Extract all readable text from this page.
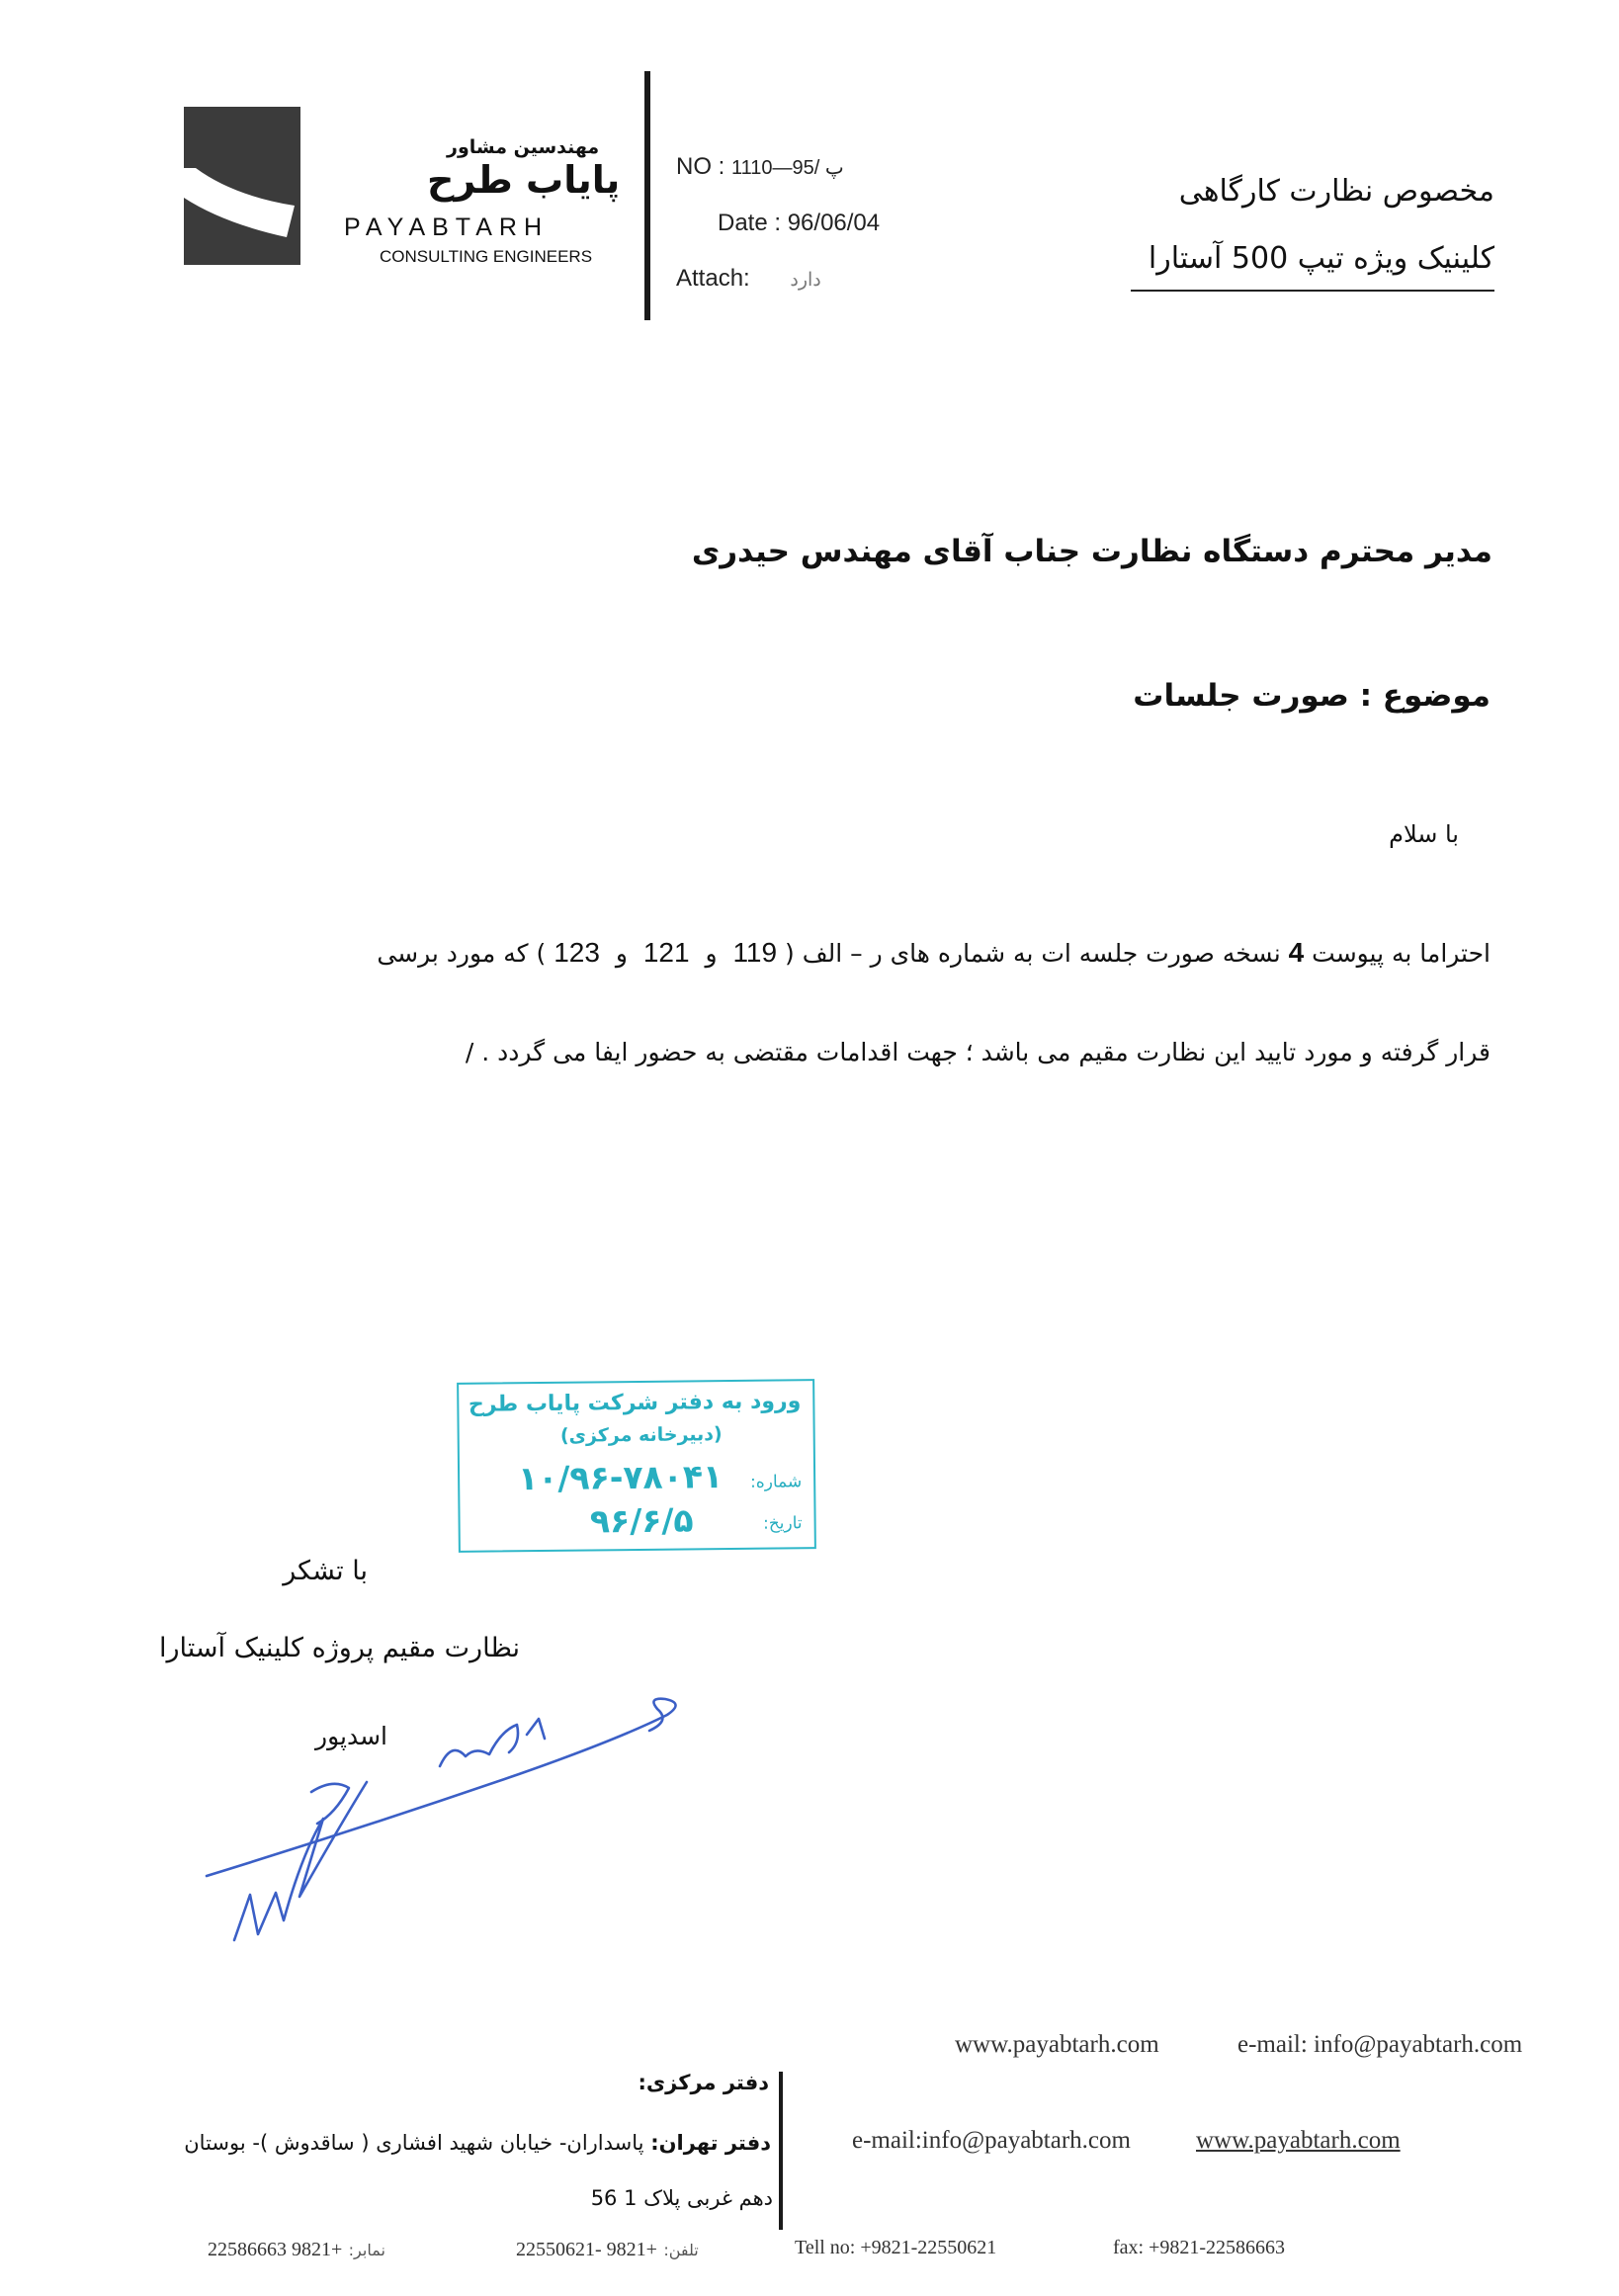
مهندسین مشاور
پایاب طرح
PAYABTARH
CONSULTING ENGINEERS
NO : پ /95—1110
Date : 96/06/04
Attach: دارد
مخصوص نظارت کارگاهی
کلینیک ویژه تیپ 500 آستارا
مدیر محترم دستگاه نظارت جناب آقای مهندس حیدری
موضوع : صورت جلسات
با سلام
احتراما به پیوست 4 نسخه صورت جلسه ات به شماره های ر – الف ( 119  و  121  و  123 ) که مورد برسی
قرار گرفته و مورد تایید این نظارت مقیم می باشد ؛ جهت اقدامات مقتضی به حضور ایفا می گردد . /
ورود به دفتر شرکت پایاب طرح
(دبیرخانه مرکزی)
شماره:
۱۰/۹۶-۷۸۰۴۱
تاریخ:
۹۶/۶/۵
با تشکر
نظارت مقیم پروژه کلینیک آستارا
اسدپور
www.payabtarh.com	e-mail: info@payabtarh.com
e-mail:info@payabtarh.com	www.payabtarh.com
دفتر مرکزی:
دفتر تهران: پاسداران- خیابان شهید افشاری ( ساقدوش )- بوستان
دهم غربی پلاک 1 56
تلفن: +9821 -22550621
نمابر: +9821 22586663	Tell no: +9821-22550621	fax: +9821-22586663
